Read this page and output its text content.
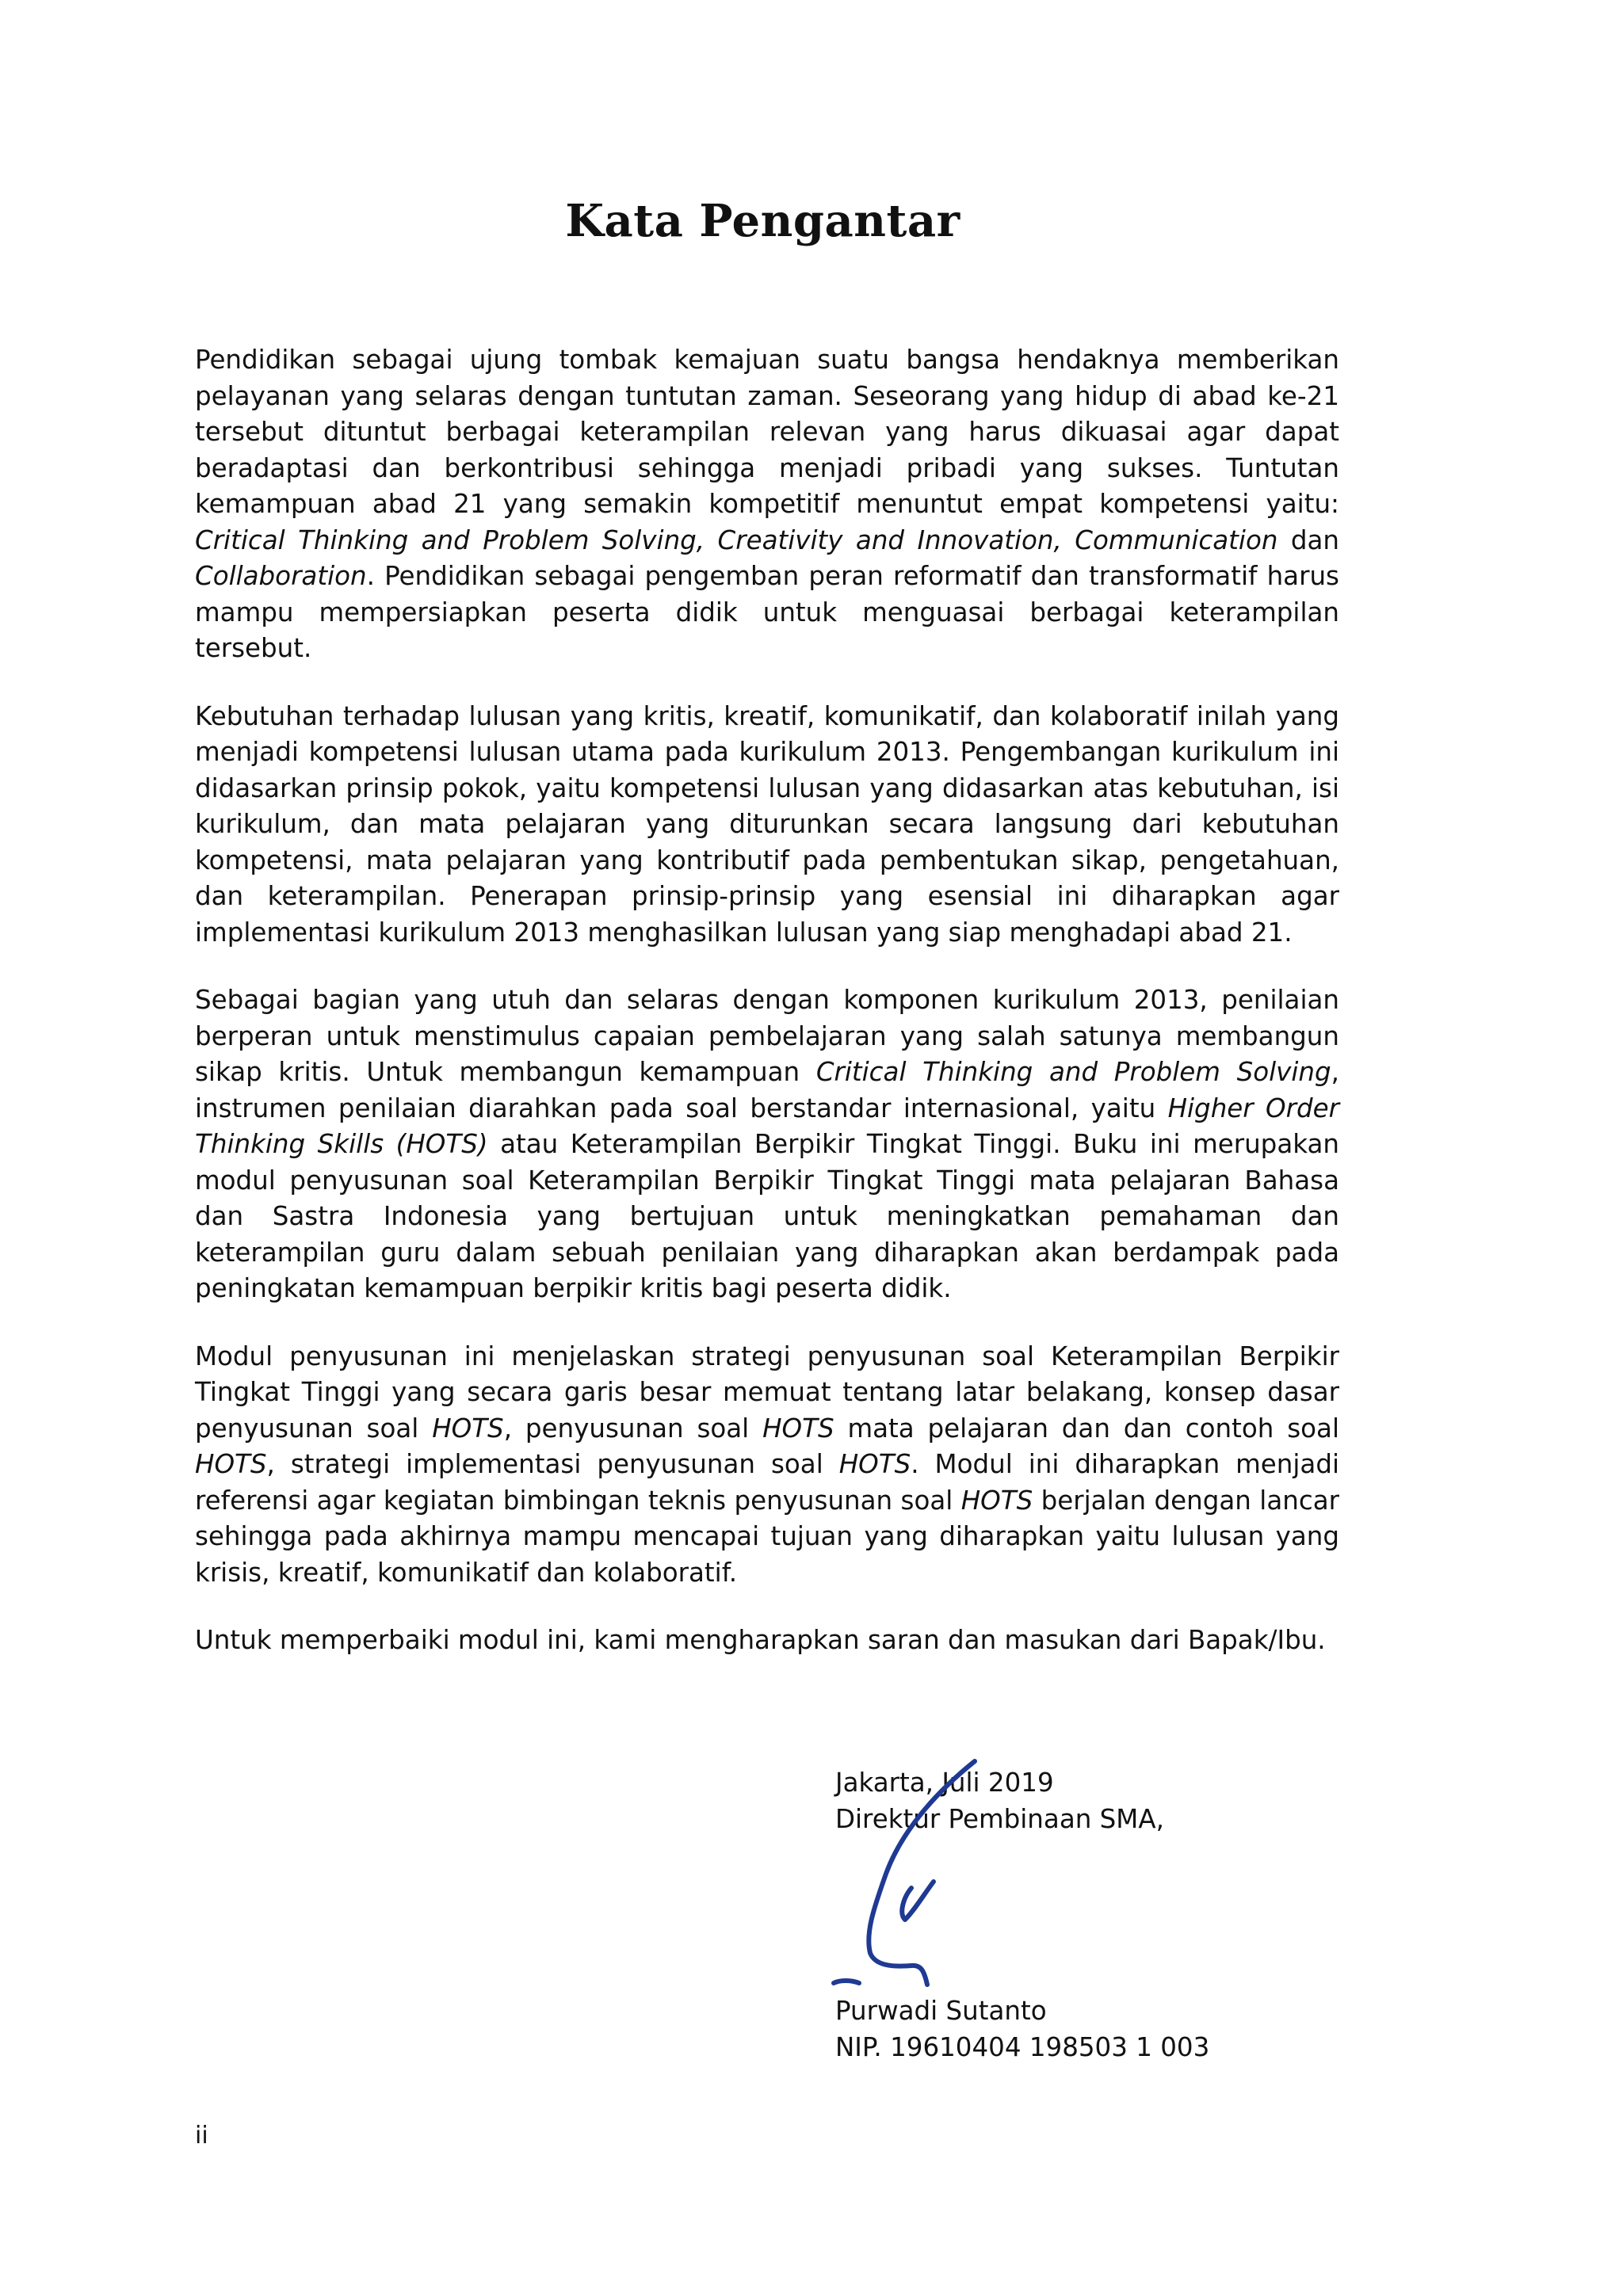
Kata Pengantar

Pendidikan sebagai ujung tombak kemajuan suatu bangsa hendaknya memberikan pelayanan yang selaras dengan tuntutan zaman. Seseorang yang hidup di abad ke-21 tersebut dituntut berbagai keterampilan relevan yang harus dikuasai agar dapat beradaptasi dan berkontribusi sehingga menjadi pribadi yang sukses. Tuntutan kemampuan abad 21 yang semakin kompetitif menuntut empat kompetensi yaitu: Critical Thinking and Problem Solving, Creativity and Innovation, Communication dan Collaboration. Pendidikan sebagai pengemban peran reformatif dan transformatif harus mampu mempersiapkan peserta didik untuk menguasai berbagai keterampilan tersebut.

Kebutuhan terhadap lulusan yang kritis, kreatif, komunikatif, dan kolaboratif inilah yang menjadi kompetensi lulusan utama pada kurikulum 2013. Pengembangan kurikulum ini didasarkan prinsip pokok, yaitu kompetensi lulusan yang didasarkan atas kebutuhan, isi kurikulum, dan mata pelajaran yang diturunkan secara langsung dari kebutuhan kompetensi, mata pelajaran yang kontributif pada pembentukan sikap, pengetahuan, dan keterampilan. Penerapan prinsip-prinsip yang esensial ini diharapkan agar implementasi kurikulum 2013 menghasilkan lulusan yang siap menghadapi abad 21.

Sebagai bagian yang utuh dan selaras dengan komponen kurikulum 2013, penilaian berperan untuk menstimulus capaian pembelajaran yang salah satunya membangun sikap kritis. Untuk membangun kemampuan Critical Thinking and Problem Solving, instrumen penilaian diarahkan pada soal berstandar internasional, yaitu Higher Order Thinking Skills (HOTS) atau Keterampilan Berpikir Tingkat Tinggi. Buku ini merupakan modul penyusunan soal Keterampilan Berpikir Tingkat Tinggi mata pelajaran Bahasa dan Sastra Indonesia yang bertujuan untuk meningkatkan pemahaman dan keterampilan guru dalam sebuah penilaian yang diharapkan akan berdampak pada peningkatan kemampuan berpikir kritis bagi peserta didik.

Modul penyusunan ini menjelaskan strategi penyusunan soal Keterampilan Berpikir Tingkat Tinggi yang secara garis besar memuat tentang latar belakang, konsep dasar penyusunan soal HOTS, penyusunan soal HOTS mata pelajaran dan dan contoh soal HOTS, strategi implementasi penyusunan soal HOTS. Modul ini diharapkan menjadi referensi agar kegiatan bimbingan teknis penyusunan soal HOTS berjalan dengan lancar sehingga pada akhirnya mampu mencapai tujuan yang diharapkan yaitu lulusan yang krisis, kreatif, komunikatif dan kolaboratif.

Untuk memperbaiki modul ini, kami mengharapkan saran dan masukan dari Bapak/Ibu.

Jakarta, Juli 2019
Direktur Pembinaan SMA,
Purwadi Sutanto
NIP. 19610404 198503 1 003
ii
